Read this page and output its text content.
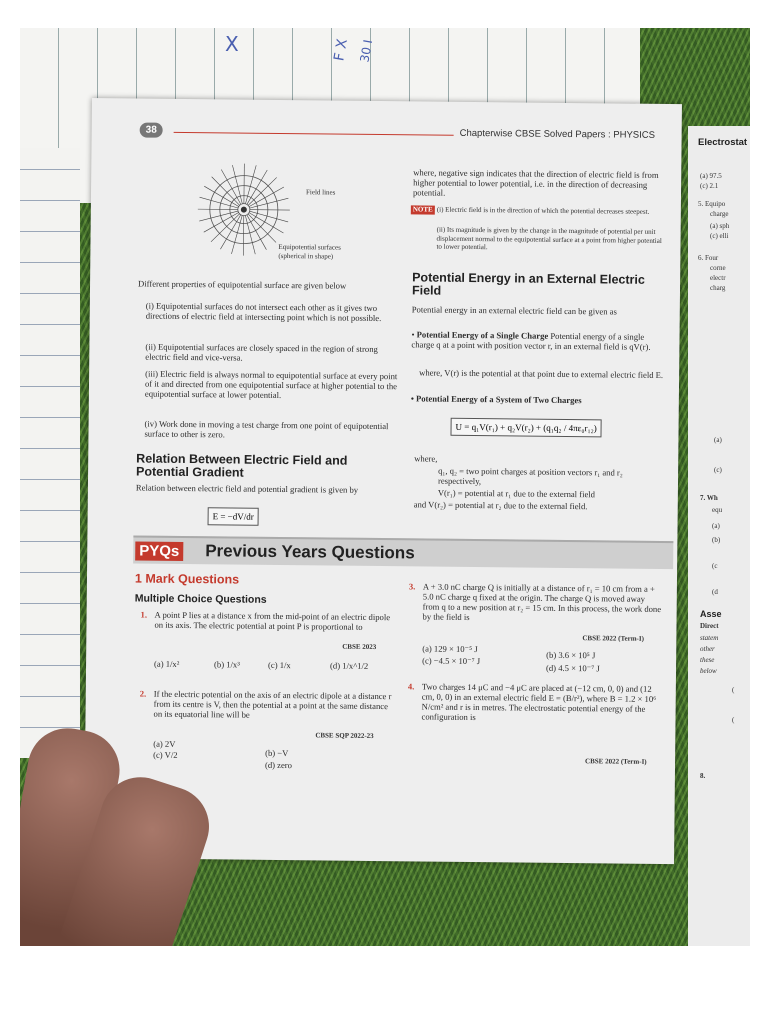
X	F X 30 I
Electrostat
(a) 97.5
(c) 2.1
5. Equipo
charge
(a) sph
(c) elli
6. Four
corne
electr
charg
(a)
(c)
7. Wh
equ
(a)
(b)
(c
(d
Asse
Direct
statem
other
these
below
(
(
8.
38	Chapterwise CBSE Solved Papers : PHYSICS
Field lines
Equipotential surfaces (spherical in shape)
Different properties of equipotential surface are given below
(i) Equipotential surfaces do not intersect each other as it gives two directions of electric field at intersecting point which is not possible.
(ii) Equipotential surfaces are closely spaced in the region of strong electric field and vice-versa.
(iii) Electric field is always normal to equipotential surface at every point of it and directed from one equipotential surface at higher potential to the equipotential surface at lower potential.
(iv) Work done in moving a test charge from one point of equipotential surface to other is zero.
Relation Between Electric Field and Potential Gradient
Relation between electric field and potential gradient is given by
E = −dV/dr
where, negative sign indicates that the direction of electric field is from higher potential to lower potential, i.e. in the direction of decreasing potential.
NOTE (i) Electric field is in the direction of which the potential decreases steepest.
(ii) Its magnitude is given by the change in the magnitude of potential per unit displacement normal to the equipotential surface at a point from higher potential to lower potential.
Potential Energy in an External Electric Field
Potential energy in an external electric field can be given as
• Potential Energy of a Single Charge Potential energy of a single charge q at a point with position vector r, in an external field is qV(r).
where, V(r) is the potential at that point due to external electric field E.
• Potential Energy of a System of Two Charges
U = q₁V(r₁) + q₂V(r₂) + (q₁q₂ / 4πε₀r₁₂)
where,
q₁, q₂ = two point charges at position vectors r₁ and r₂ respectively,
V(r₁) = potential at r₁ due to the external field
and V(r₂) = potential at r₂ due to the external field.
PYQs Previous Years Questions
1 Mark Questions
Multiple Choice Questions
1. A point P lies at a distance x from the mid-point of an electric dipole on its axis. The electric potential at point P is proportional to
CBSE 2023
(a) 1/x²	(b) 1/x³	(c) 1/x	(d) 1/x^1/2
2. If the electric potential on the axis of an electric dipole at a distance r from its centre is V, then the potential at a point at the same distance on its equatorial line will be
CBSE SQP 2022-23
(a) 2V
(b) −V
(c) V/2
(d) zero
3. A + 3.0 nC charge Q is initially at a distance of r₁ = 10 cm from a + 5.0 nC charge q fixed at the origin. The charge Q is moved away from q to a new position at r₂ = 15 cm. In this process, the work done by the field is
CBSE 2022 (Term-I)
(a) 129 × 10⁻⁵ J
(b) 3.6 × 10⁵ J
(c) −4.5 × 10⁻⁷ J
(d) 4.5 × 10⁻⁷ J
4. Two charges 14 μC and −4 μC are placed at (−12 cm, 0, 0) and (12 cm, 0, 0) in an external electric field E = (B/r²), where B = 1.2 × 10⁶ N/cm² and r is in metres. The electrostatic potential energy of the configuration is
CBSE 2022 (Term-I)
